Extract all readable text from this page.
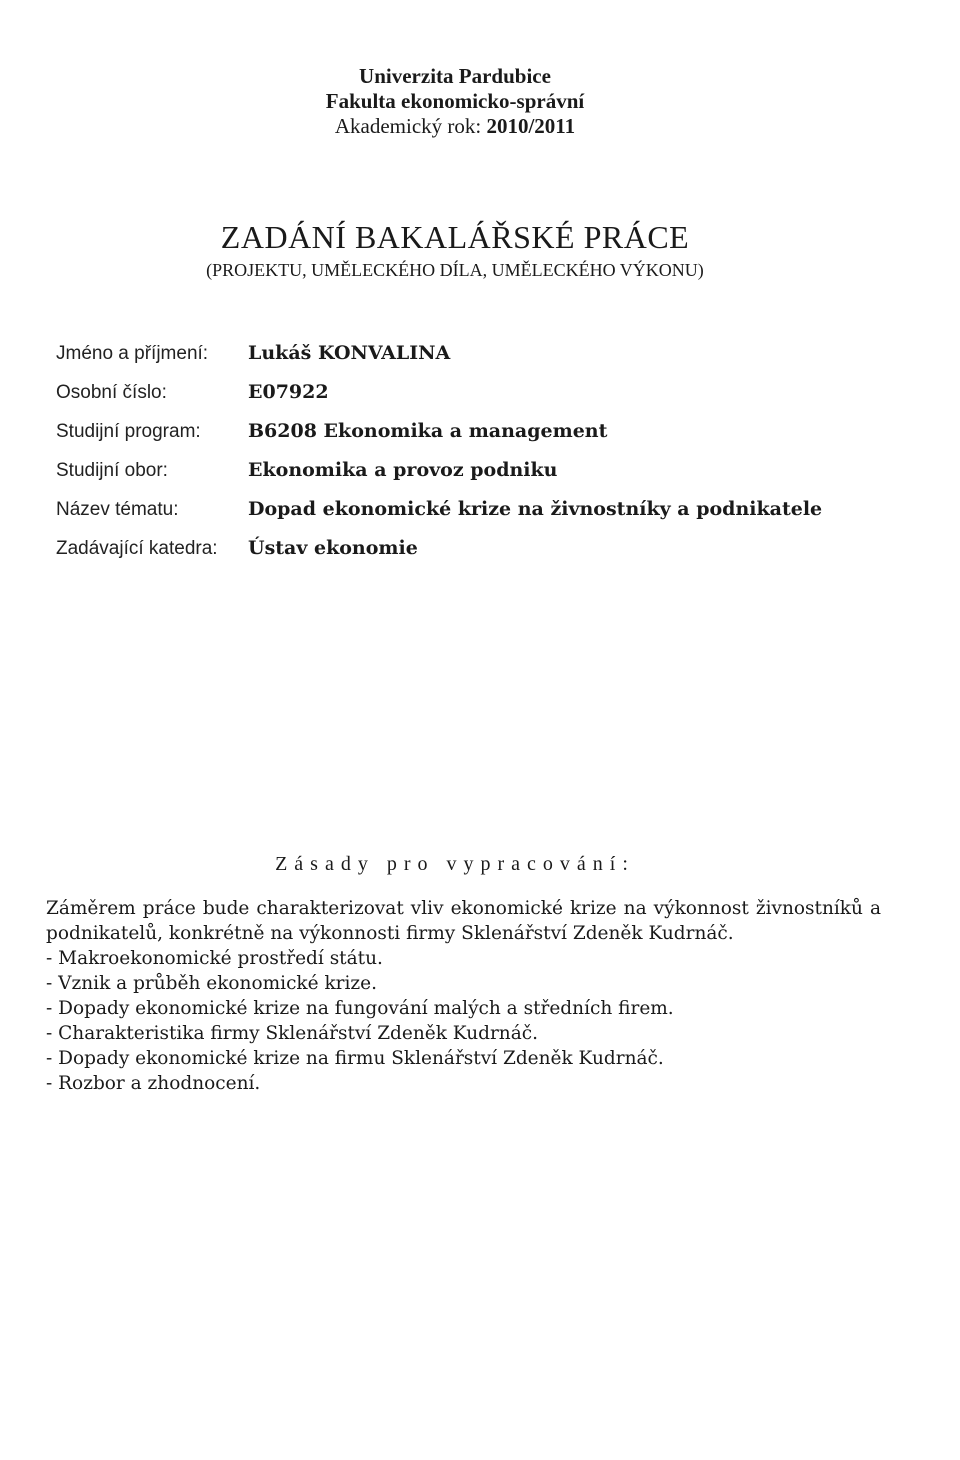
Univerzita Pardubice
Fakulta ekonomicko-správní
Akademický rok: 2010/2011
ZADÁNÍ BAKALÁŘSKÉ PRÁCE
(PROJEKTU, UMĚLECKÉHO DÍLA, UMĚLECKÉHO VÝKONU)
Jméno a příjmení:	Lukáš KONVALINA
Osobní číslo:	E07922
Studijní program:	B6208 Ekonomika a management
Studijní obor:	Ekonomika a provoz podniku
Název tématu:	Dopad ekonomické krize na živnostníky a podnikatele
Zadávající katedra:	Ústav ekonomie
Zásady pro vypracování:

Záměrem práce bude charakterizovat vliv ekonomické krize na výkonnost živnostníků a podnikatelů, konkrétně na výkonnosti firmy Sklenářství Zdeněk Kudrnáč.

- Makroekonomické prostředí státu.
- Vznik a průběh ekonomické krize.
- Dopady ekonomické krize na fungování malých a středních firem.
- Charakteristika firmy Sklenářství Zdeněk Kudrnáč.
- Dopady ekonomické krize na firmu Sklenářství Zdeněk Kudrnáč.
- Rozbor a zhodnocení.
